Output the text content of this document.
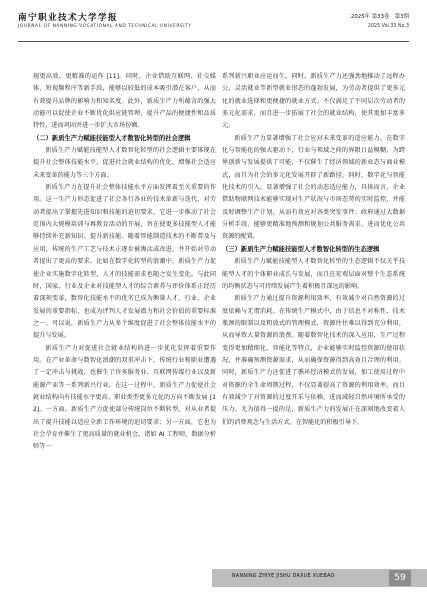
南宁职业技术大学学报
JOURNAL OF NANNING VOCATIONAL AND TECHNICAL UNIVERSITY
2025年 第33卷　第3期
2025 Vol.33 No.3

现更高效、更精准的运作 [11]。同时，企业借助互联网、社交媒体、短视频程序等新手段，能够以较低的成本吸引潜在客户，从而有效提升品牌的影响力和知名度。此外，新质生产力所蕴含的强大动能可以促使企业不断优化供应链管理，提升产品的便捷性和品质特性，进而巩固并进一步扩大市场份额。

（二）新质生产力赋能技能型人才数智化转型的社会逻辑

新质生产力赋能技能型人才数智化转型的社会逻辑主要体现在提升社会整体技能水平、促进社会就业结构的优化、增强社会适应未来变革的能力等三个方面。

新质生产力在提升社会整体技能水平方面发挥着至关重要的作用。这一生产力形态促进了社会各行各业的技术革新与迭代，对劳动者提出了掌握先进知识和技能的迫切要求，它进一步推动了社会范围内大规模培训与再教育活动的开展，旨在使更多技能型人才能够持续补充新知识、提升新技能。随着智能制造技术的不断普及与应用，传统的生产工艺与技术正逐步被淘汰或改进，并开始对劳动者提出了更高的要求。比如在数字化转型的浪潮中，新质生产力促使企业实施数字化转型，人才的技能需求也随之发生变化。与此同时，国家、行业及企业对技能型人才的综合素养与评价体系正经历着深刻变革，数智化技能水平的优劣已成为衡量人才、行业、企业发展的重要指标，也成为评判人才发展潜力和社会价值的重要标准之一。可以说，新质生产力从多个维度促进了社会整体技能水平的提升与发展。

新质生产力对促进社会就业结构的进一步优化发挥着重要作用。在产业革命与数智化浪潮的双重冲击下，传统行业和职业遭遇了一定冲击与挑战，也催生了许多服务业、互联网传媒行业以及新能源产业等一系列新兴行业。在这一过程中，新质生产力促使社会就业结构向有技能水平更高、职业类型更多元化的方向不断发展 [12]。一方面，新质生产力促使部分传统岗位不断转型，对从业者提出了提升技能以适应全新工作环境的迫切要求；另一方面，它也为社会孕育并催生了更高质量的就业机会，诸如 AI 工程师、数据分析师等一

系列新兴职业应运而生。同时，新质生产力还强劲地推动了远程办公、灵活就业等新型就业形态的蓬勃发展，为劳动者提供了更多元化的就业选择和更便捷的就业方式。不仅满足了不同层次劳动者的多元化需求，而且进一步拓展了社会的就业结构，使其更加丰富多元。

新质生产力显著增强了社会应对未来变革的适应能力。在数字化与智能化的强大驱动下，行业与领域之间的界限日益模糊，为跨界创新与发展提供了可能，不仅催生了经济领域的新业态与商业模式，而且为社会的多元化发展开辟了新路径。同时，数字化与智能化技术的引入，显著增强了社会的动态适应能力，具体而言，企业借助物联网技术能够实现对生产状况与市场态势的实时监控，并能及时调整生产计划，从而有效应对各类突发事件；政府通过大数据分析手段，能够更精准地预测和规划公共服务需求，进而优化公共资源的配置。

（三）新质生产力赋能技能型人才数智化转型的生态逻辑

新质生产力赋能技能型人才数智化转型的生态逻辑不仅关乎技能型人才的个体职业成长与发展，而且在宏观层面对整个生态系统的均衡状态与可持续发展产生着积极且深远的影响。

新质生产力通过提升资源利用效率，有效减少对自然资源的过度依赖与无谓消耗。在传统生产模式中，由于信息不对称性、技术瓶颈的限制以及粗放式的管理模式，资源往往难以得到充分利用，从而导致大量资源的浪费。随着数智化技术的深入应用，生产过程变得更加精细化、智能化等特点，企业能够实时监控资源的使用状况，并准确预测资源需求，从而确保资源得到高效且合理的利用。同时，新质生产力还促进了循环经济模式的发展，加工使用过程中对资源的全生命周期过程，不仅显著提高了资源的利用效率，而且有效减少了对资源的过度开采与依赖，进而减轻自然环境所承受的压力。尤为值得一提的是，新质生产力的发展正在深刻地改变着人们的消费观念与生活方式。在智能化的积极引导下。

NANNING ZHIYE JISHU DAXUE XUEBAO	59
